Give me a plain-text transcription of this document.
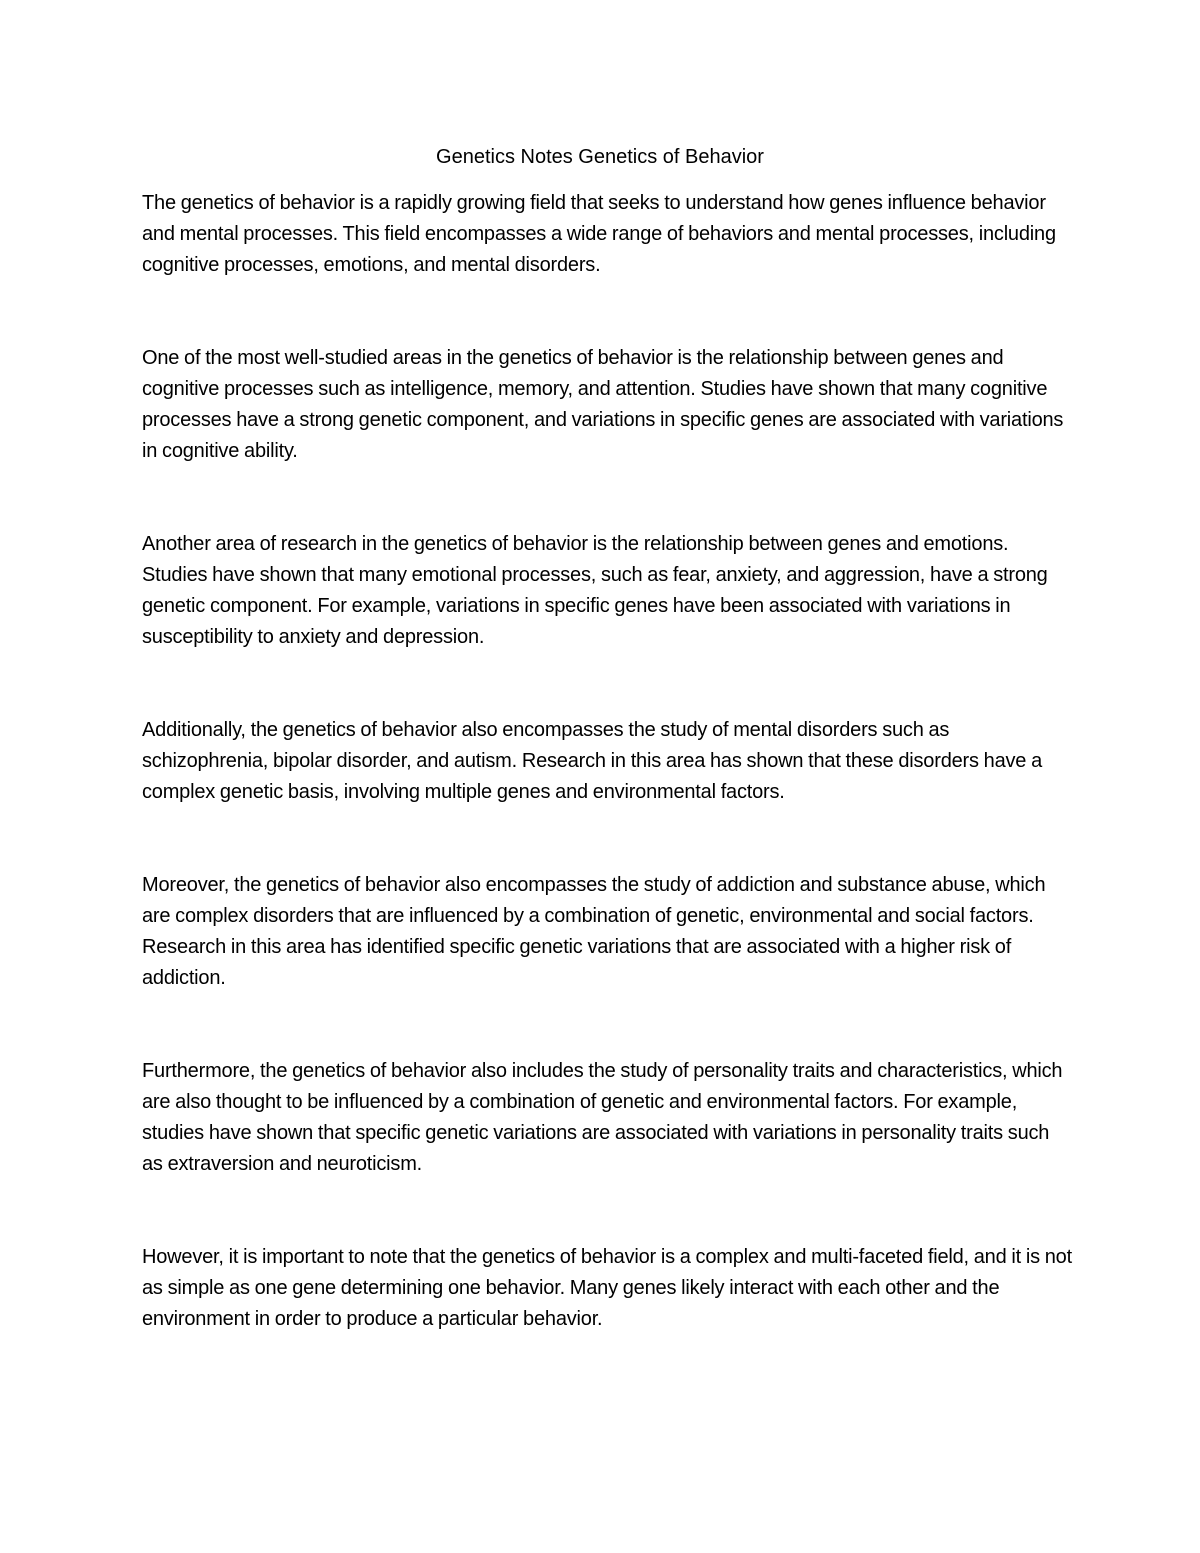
Genetics Notes Genetics of Behavior

The genetics of behavior is a rapidly growing field that seeks to understand how genes influence behavior and mental processes. This field encompasses a wide range of behaviors and mental processes, including cognitive processes, emotions, and mental disorders.

One of the most well-studied areas in the genetics of behavior is the relationship between genes and cognitive processes such as intelligence, memory, and attention. Studies have shown that many cognitive processes have a strong genetic component, and variations in specific genes are associated with variations in cognitive ability.

Another area of research in the genetics of behavior is the relationship between genes and emotions. Studies have shown that many emotional processes, such as fear, anxiety, and aggression, have a strong genetic component. For example, variations in specific genes have been associated with variations in susceptibility to anxiety and depression.

Additionally, the genetics of behavior also encompasses the study of mental disorders such as schizophrenia, bipolar disorder, and autism. Research in this area has shown that these disorders have a complex genetic basis, involving multiple genes and environmental factors.

Moreover, the genetics of behavior also encompasses the study of addiction and substance abuse, which are complex disorders that are influenced by a combination of genetic, environmental and social factors. Research in this area has identified specific genetic variations that are associated with a higher risk of addiction.

Furthermore, the genetics of behavior also includes the study of personality traits and characteristics, which are also thought to be influenced by a combination of genetic and environmental factors. For example, studies have shown that specific genetic variations are associated with variations in personality traits such as extraversion and neuroticism.

However, it is important to note that the genetics of behavior is a complex and multi-faceted field, and it is not as simple as one gene determining one behavior. Many genes likely interact with each other and the environment in order to produce a particular behavior.
